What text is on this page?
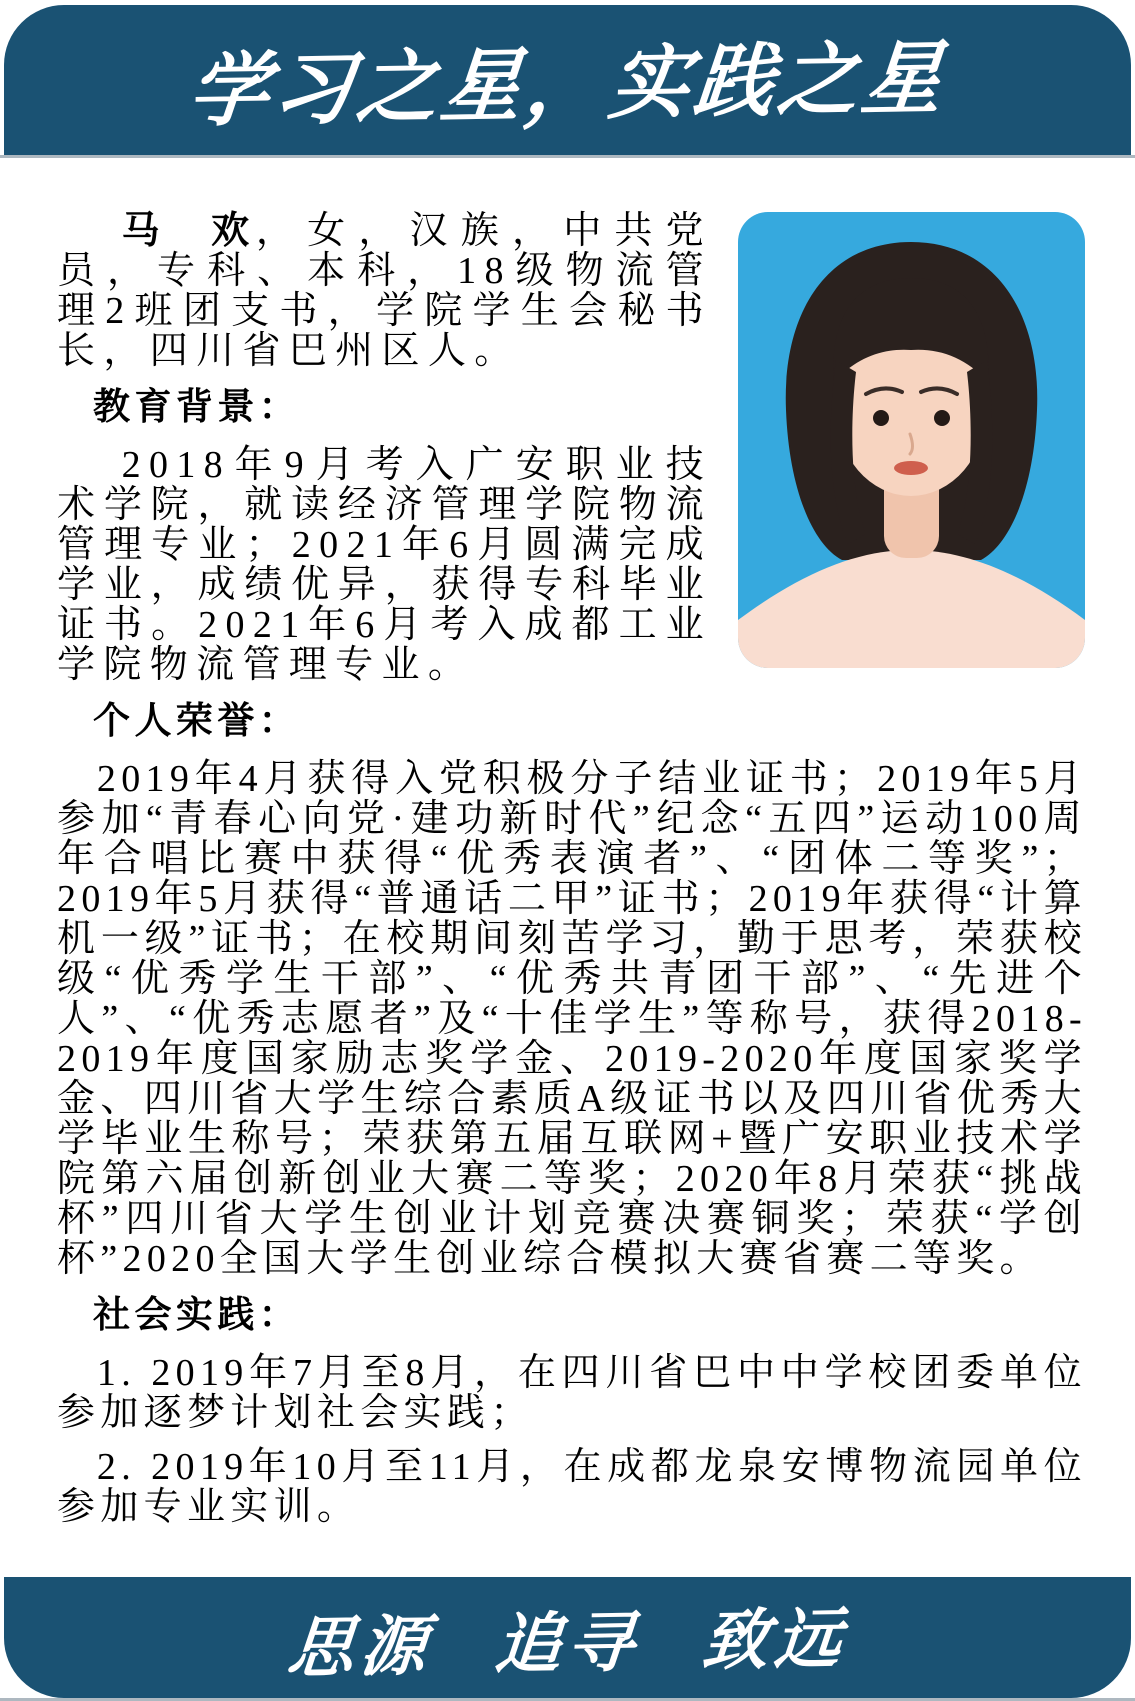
学习之星，实践之星

马　欢，女，汉族，中共党员，专科、本科，18级物流管理2班团支书，学院学生会秘书长，四川省巴州区人。

教育背景：

2018年9月考入广安职业技术学院，就读经济管理学院物流管理专业；2021年6月圆满完成学业，成绩优异，获得专科毕业证书。2021年6月考入成都工业学院物流管理专业。

个人荣誉：

2019年4月获得入党积极分子结业证书；2019年5月参加“青春心向党·建功新时代”纪念“五四”运动100周年合唱比赛中获得“优秀表演者”、“团体二等奖”；2019年5月获得“普通话二甲”证书；2019年获得“计算机一级”证书；在校期间刻苦学习，勤于思考，荣获校级“优秀学生干部”、“优秀共青团干部”、“先进个人”、“优秀志愿者”及“十佳学生”等称号，获得2018-2019年度国家励志奖学金、2019-2020年度国家奖学金、四川省大学生综合素质A级证书以及四川省优秀大学毕业生称号；荣获第五届互联网+暨广安职业技术学院第六届创新创业大赛二等奖；2020年8月荣获“挑战杯”四川省大学生创业计划竞赛决赛铜奖；荣获“学创杯”2020全国大学生创业综合模拟大赛省赛二等奖。

社会实践：

1. 2019年7月至8月，在四川省巴中中学校团委单位参加逐梦计划社会实践；

2. 2019年10月至11月，在成都龙泉安博物流园单位参加专业实训。

思源 追寻 致远
